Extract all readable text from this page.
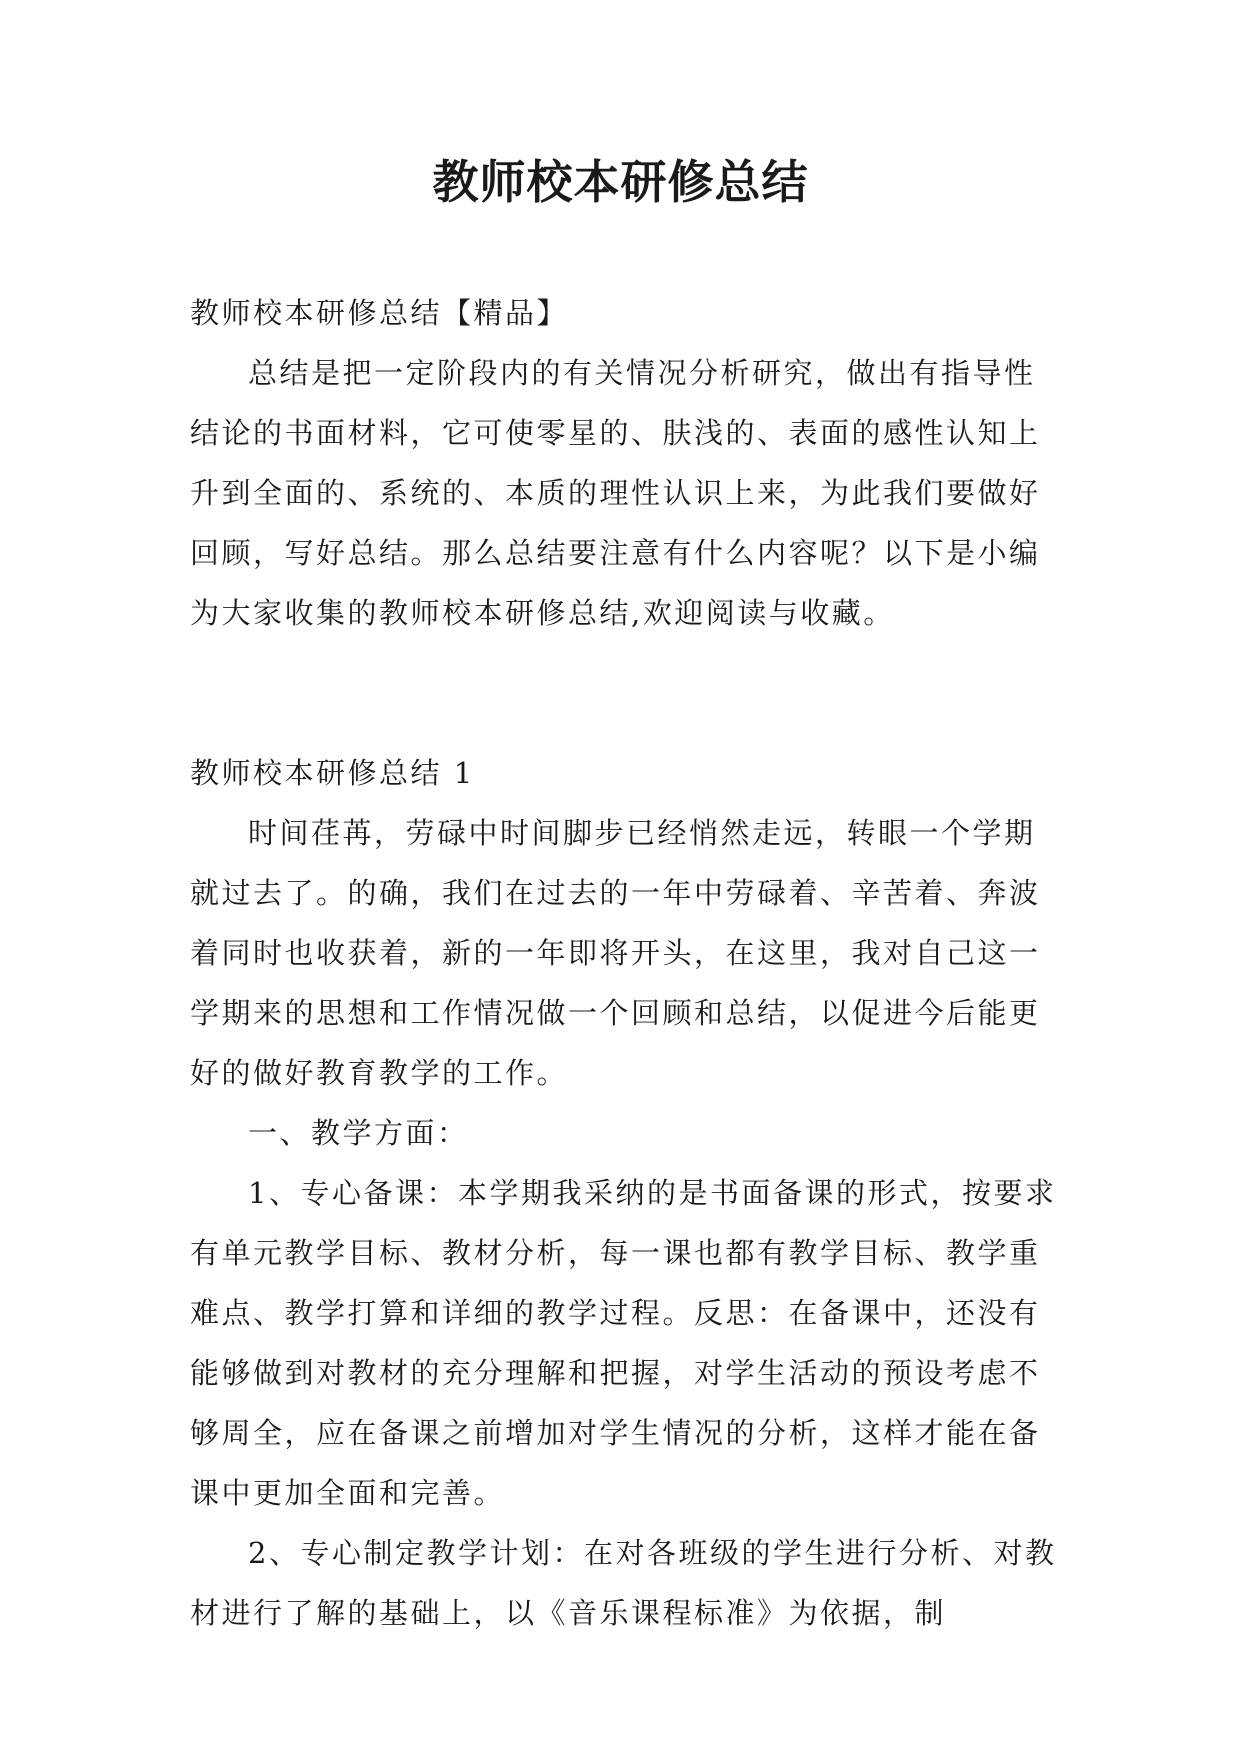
教师校本研修总结

教师校本研修总结【精品】

总结是把一定阶段内的有关情况分析研究，做出有指导性结论的书面材料，它可使零星的、肤浅的、表面的感性认知上升到全面的、系统的、本质的理性认识上来，为此我们要做好回顾，写好总结。那么总结要注意有什么内容呢？以下是小编为大家收集的教师校本研修总结,欢迎阅读与收藏。

教师校本研修总结 1

时间荏苒，劳碌中时间脚步已经悄然走远，转眼一个学期就过去了。的确，我们在过去的一年中劳碌着、辛苦着、奔波着同时也收获着，新的一年即将开头，在这里，我对自己这一学期来的思想和工作情况做一个回顾和总结，以促进今后能更好的做好教育教学的工作。

一、教学方面：

1、专心备课：本学期我采纳的是书面备课的形式，按要求有单元教学目标、教材分析，每一课也都有教学目标、教学重难点、教学打算和详细的教学过程。反思：在备课中，还没有能够做到对教材的充分理解和把握，对学生活动的预设考虑不够周全，应在备课之前增加对学生情况的分析，这样才能在备课中更加全面和完善。

2、专心制定教学计划：在对各班级的学生进行分析、对教材进行了解的基础上，以《音乐课程标准》为依据，制
